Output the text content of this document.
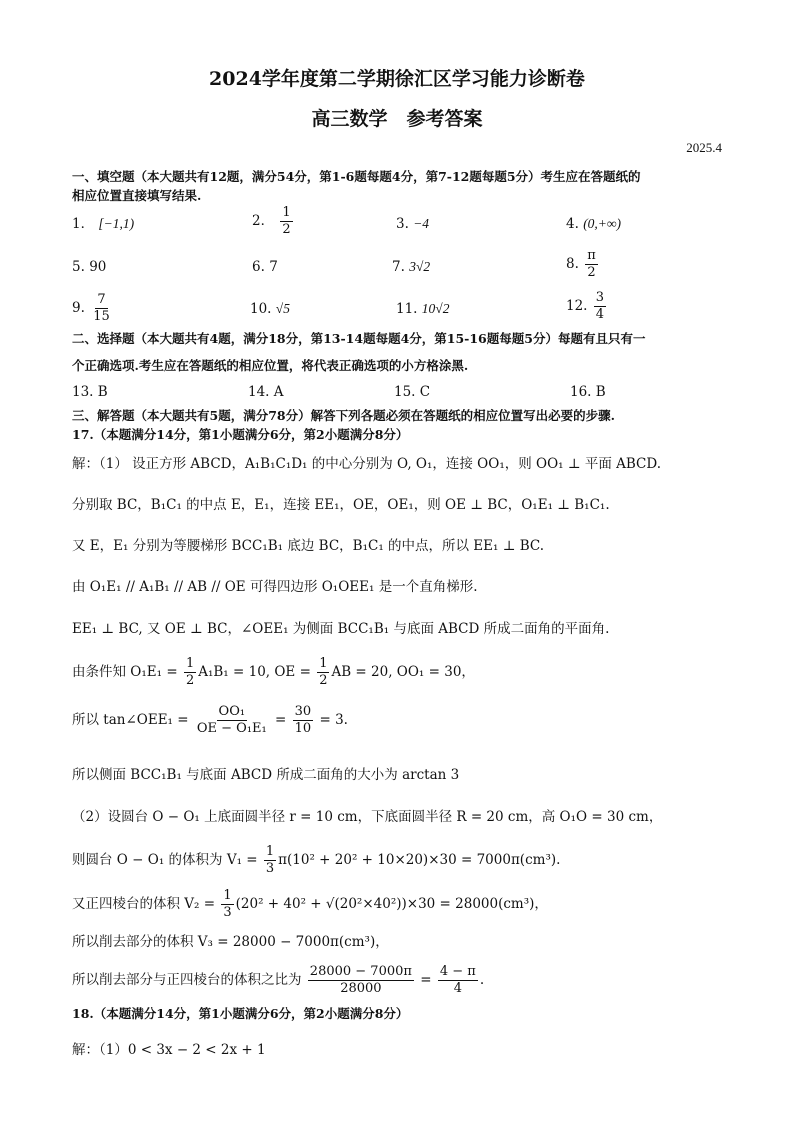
2024学年度第二学期徐汇区学习能力诊断卷
高三数学　参考答案
2025.4
一、填空题（本大题共有12题，满分54分，第1-6题每题4分，第7-12题每题5分）考生应在答题纸的
相应位置直接填写结果.
1． [−1,1)	2． $\frac{1}{2}$	3. −4	4. (0,+∞)
5. 90	6. 7	7. 3√2	8. $\frac{\pi}{2}$
9. $\frac{7}{15}$	10. √5	11. 10√2	12. $\frac{3}{4}$
二、选择题（本大题共有4题，满分18分，第13-14题每题4分，第15-16题每题5分）每题有且只有一
个正确选项.考生应在答题纸的相应位置，将代表正确选项的小方格涂黑.
13. B	14. A	15. C	16. B
三、解答题（本大题共有5题，满分78分）解答下列各题必须在答题纸的相应位置写出必要的步骤.
17.（本题满分14分，第1小题满分6分，第2小题满分8分）
解：（1） 设正方形 ABCD，A₁B₁C₁D₁ 的中心分别为 O, O₁，连接 OO₁，则 OO₁ ⊥ 平面 ABCD.
分别取 BC，B₁C₁ 的中点 E，E₁，连接 EE₁，OE，OE₁，则 OE ⊥ BC，O₁E₁ ⊥ B₁C₁.
又 E，E₁ 分别为等腰梯形 BCC₁B₁ 底边 BC，B₁C₁ 的中点，所以 EE₁ ⊥ BC.
由 O₁E₁ // A₁B₁ // AB // OE 可得四边形 O₁OEE₁ 是一个直角梯形.
EE₁ ⊥ BC, 又 OE ⊥ BC，∠OEE₁ 为侧面 BCC₁B₁ 与底面 ABCD 所成二面角的平面角.
由条件知 $O_1E_1 = \frac{1}{2} A_1B_1 = 10$, OE = $\frac{1}{2}$ AB = 20, OO₁ = 30，
所以 tan∠OEE₁ = $\frac{\text{OO₁}}{\text{OE − O₁E₁}} = \frac{30}{10} = 3$.
所以侧面 BCC₁B₁ 与底面 ABCD 所成二面角的大小为 arctan 3
（2）设圆台 O − O₁ 上底面圆半径 r = 10 cm，下底面圆半径 R = 20 cm，高 O₁O = 30 cm，
则圆台 O − O₁ 的体积为 $V_1 = \frac{1}{3} \pi(10^2 + 20^2 + 10\times 20)\times 30 = 7000\pi(cm^3)$.
又正四棱台的体积 $V_2 = \frac{1}{3} (20^2 + 40^2 + √(20^2\times 40^2))\times 30 = 28000(cm^3)$，
所以削去部分的体积 V₃ = 28000 − 7000π(cm³)，
所以削去部分与正四棱台的体积之比为 $\frac{28000 - 7000\pi}{28000} = \frac{4 - \pi}{4}$ .
18.（本题满分14分，第1小题满分6分，第2小题满分8分）
解：（1）0 < 3x − 2 < 2x + 1
